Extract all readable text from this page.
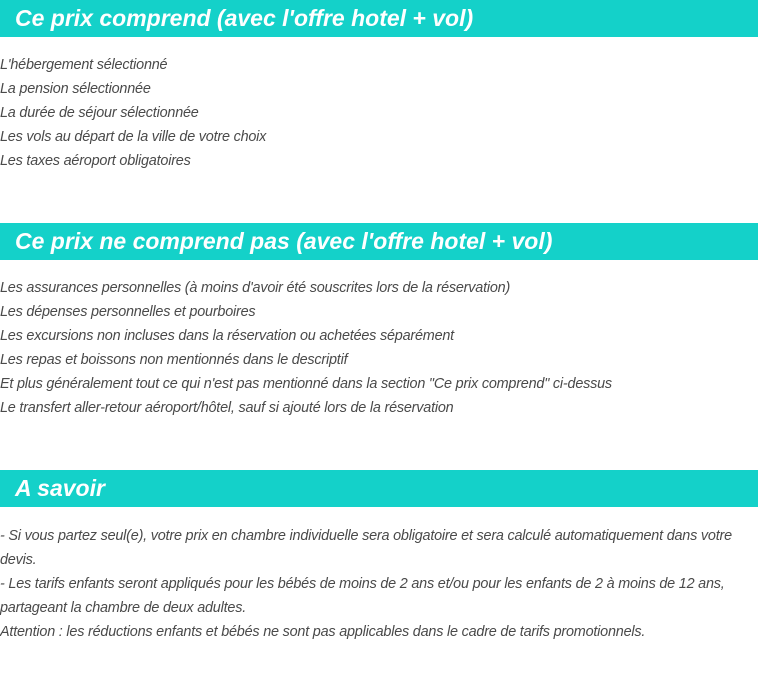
Ce prix comprend (avec l'offre hotel + vol)
L'hébergement sélectionné
La pension sélectionnée
La durée de séjour sélectionnée
Les vols au départ de la ville de votre choix
Les taxes aéroport obligatoires
Ce prix ne comprend pas (avec l'offre hotel + vol)
Les assurances personnelles (à moins d'avoir été souscrites lors de la réservation)
Les dépenses personnelles et pourboires
Les excursions non incluses dans la réservation ou achetées séparément
Les repas et boissons non mentionnés dans le descriptif
Et plus généralement tout ce qui n'est pas mentionné dans la section "Ce prix comprend" ci-dessus
Le transfert aller-retour aéroport/hôtel, sauf si ajouté lors de la réservation
A savoir

- Si vous partez seul(e), votre prix en chambre individuelle sera obligatoire et sera calculé automatiquement dans votre devis.

- Les tarifs enfants seront appliqués pour les bébés de moins de 2 ans et/ou pour les enfants de 2 à moins de 12 ans, partageant la chambre de deux adultes.

Attention : les réductions enfants et bébés ne sont pas applicables dans le cadre de tarifs promotionnels.
